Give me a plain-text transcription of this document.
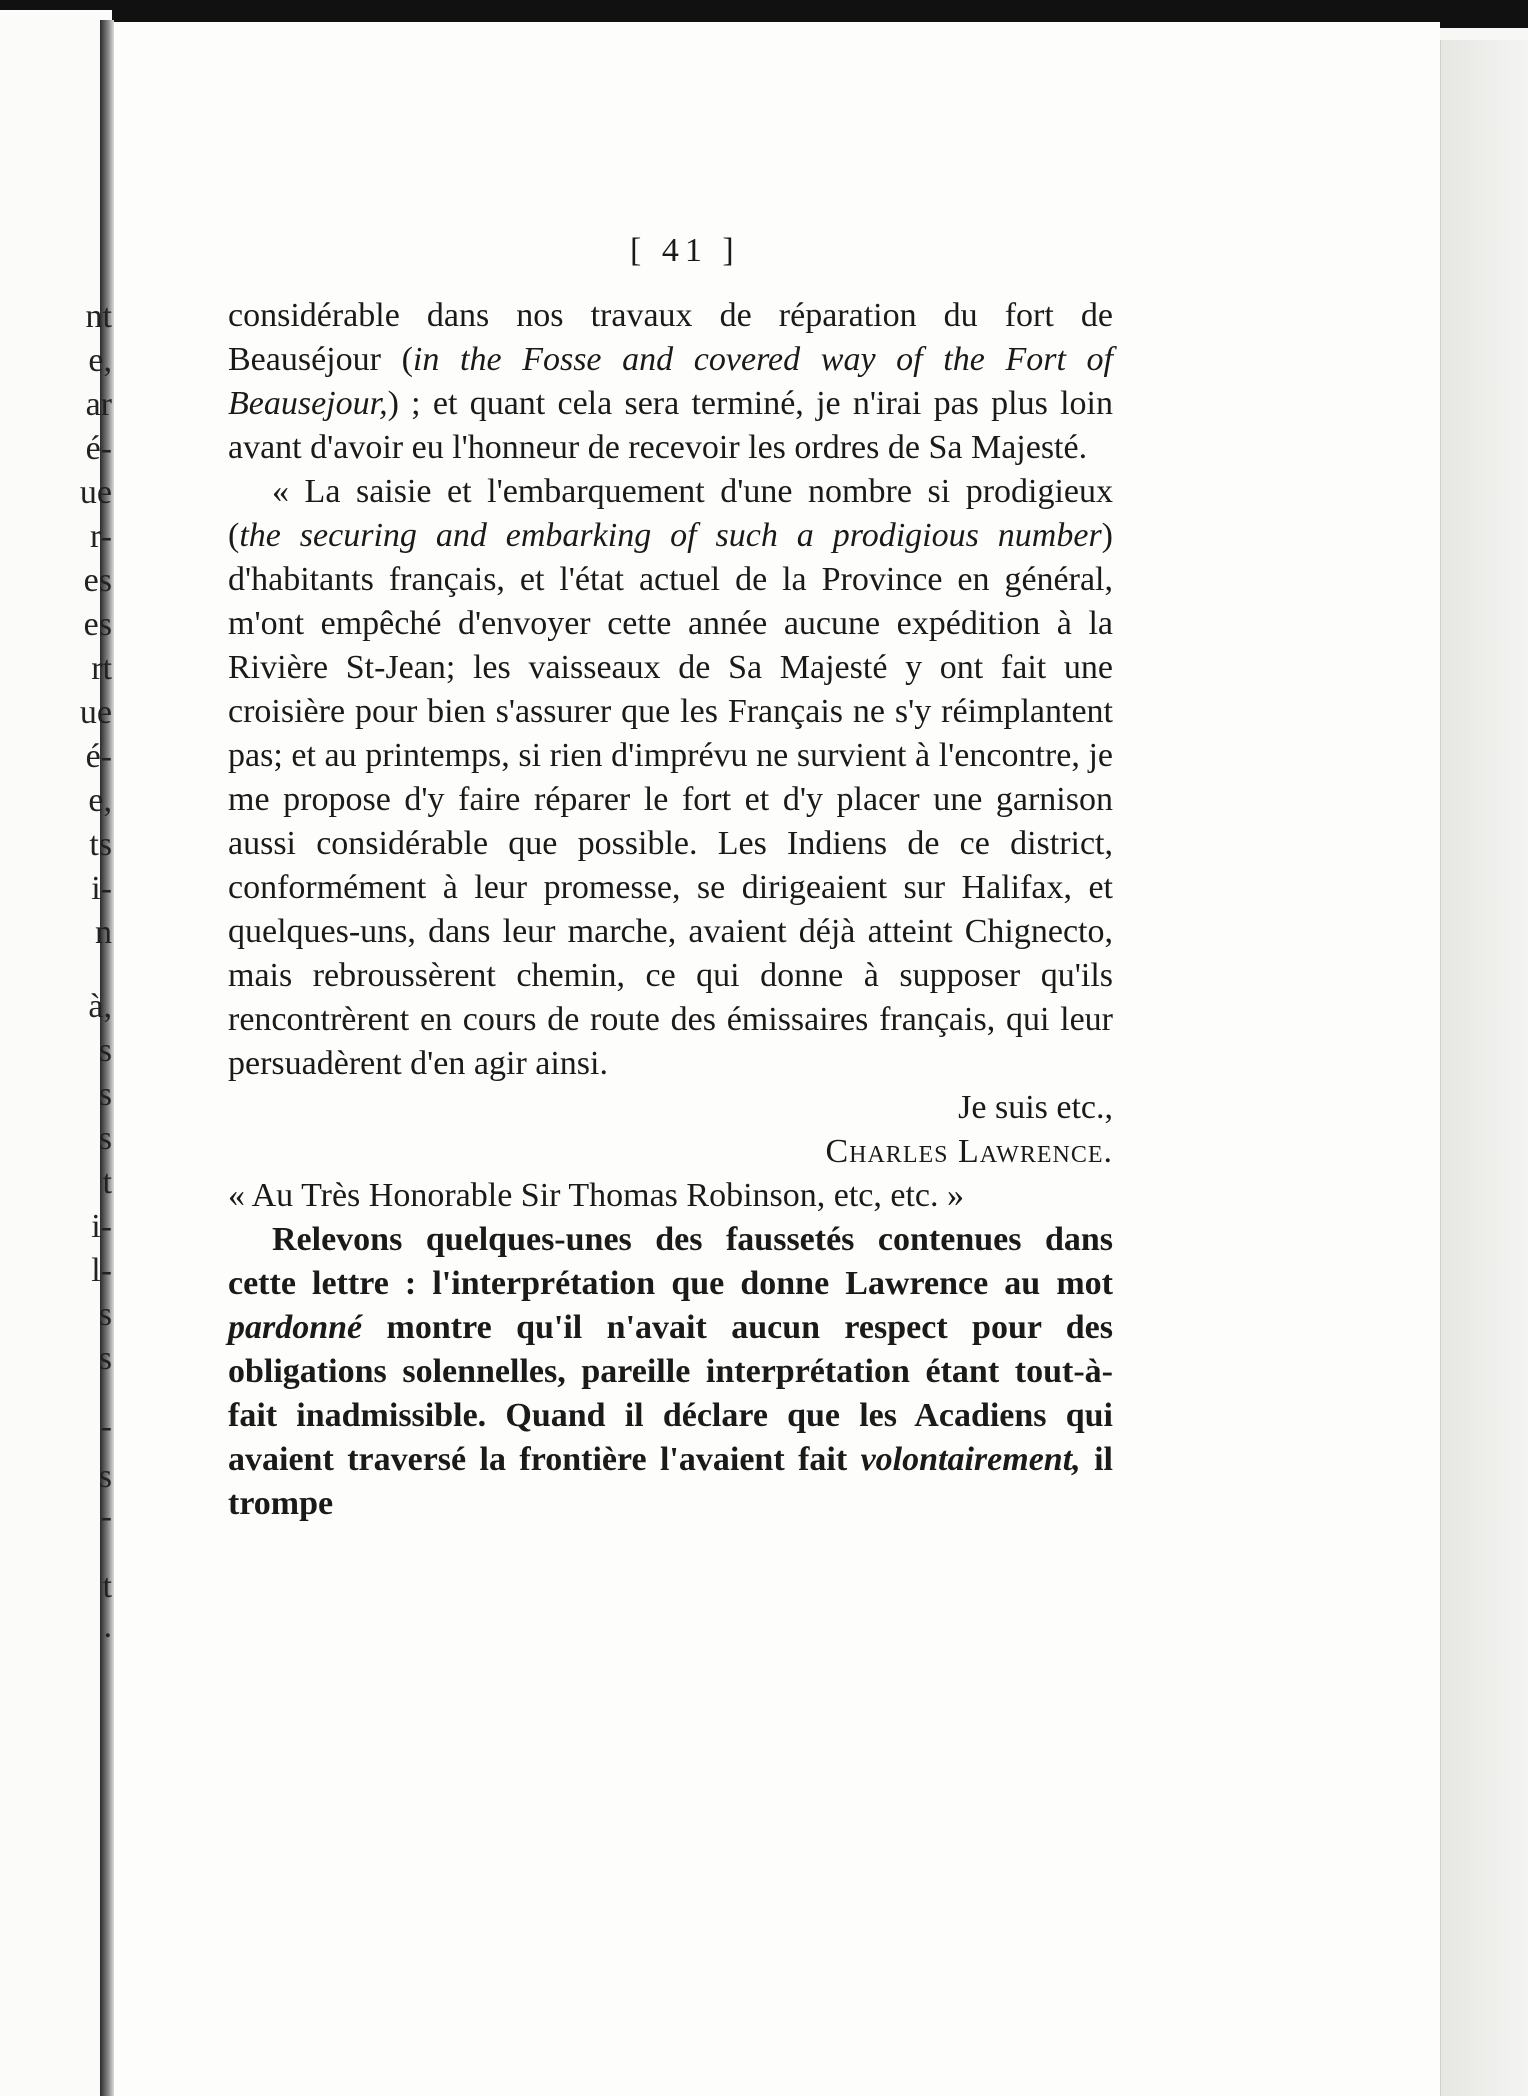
nt
e,
ar
é-
ue
r-
es
es
rt
ue
é-
e,
ts
i-
n
à,
s
s
s
t
i-
l-
s
s
-
s
-
t
.
[ 41 ]

considérable dans nos travaux de réparation du fort de Beauséjour (in the Fosse and covered way of the Fort of Beausejour,) ; et quant cela sera terminé, je n'irai pas plus loin avant d'avoir eu l'honneur de recevoir les ordres de Sa Majesté.

« La saisie et l'embarquement d'une nombre si prodigieux (the securing and embarking of such a prodigious number) d'habitants français, et l'état actuel de la Province en général, m'ont empêché d'envoyer cette année aucune expédition à la Rivière St-Jean; les vaisseaux de Sa Majesté y ont fait une croisière pour bien s'assurer que les Français ne s'y réimplantent pas; et au printemps, si rien d'imprévu ne survient à l'encontre, je me propose d'y faire réparer le fort et d'y placer une garnison aussi considérable que possible. Les Indiens de ce district, conformément à leur promesse, se dirigeaient sur Halifax, et quelques-uns, dans leur marche, avaient déjà atteint Chignecto, mais rebroussèrent chemin, ce qui donne à supposer qu'ils rencontrèrent en cours de route des émissaires français, qui leur persuadèrent d'en agir ainsi.

Je suis etc.,

Charles Lawrence.

« Au Très Honorable Sir Thomas Robinson, etc, etc. »

Relevons quelques-unes des faussetés contenues dans cette lettre : l'interprétation que donne Lawrence au mot pardonné montre qu'il n'avait aucun respect pour des obligations solennelles, pareille interprétation étant tout-à-fait inadmissible. Quand il déclare que les Acadiens qui avaient traversé la frontière l'avaient fait volontairement, il trompe
